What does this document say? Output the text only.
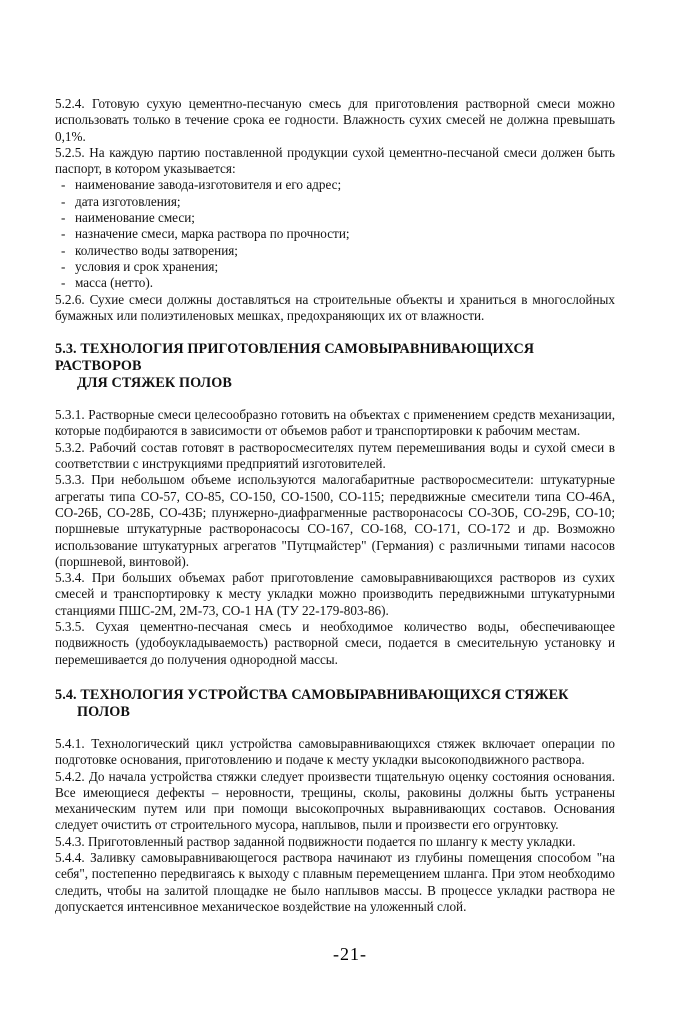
5.2.4. Готовую сухую цементно-песчаную смесь для приготовления растворной смеси можно использовать только в течение срока ее годности. Влажность сухих смесей не должна превышать 0,1%.

5.2.5. На каждую партию поставленной продукции сухой цементно-песчаной смеси должен быть паспорт, в котором указывается:

- наименование завода-изготовителя и его адрес;
- дата изготовления;
- наименование смеси;
- назначение смеси, марка раствора по прочности;
- количество воды затворения;
- условия и срок хранения;
- масса (нетто).

5.2.6. Сухие смеси должны доставляться на строительные объекты и храниться в многослойных бумажных или полиэтиленовых мешках, предохраняющих их от влажности.

5.3. ТЕХНОЛОГИЯ ПРИГОТОВЛЕНИЯ САМОВЫРАВНИВАЮЩИХСЯ РАСТВОРОВ
ДЛЯ СТЯЖЕК ПОЛОВ

5.3.1. Растворные смеси целесообразно готовить на объектах с применением средств механизации, которые подбираются в зависимости от объемов работ и транспортировки к рабочим местам.

5.3.2. Рабочий состав готовят в растворосмесителях путем перемешивания воды и сухой смеси в соответствии с инструкциями предприятий изготовителей.

5.3.3. При небольшом объеме используются малогабаритные растворосмесители: штукатурные агрегаты типа СО-57, СО-85, СО-150, СО-1500, СО-115; передвижные смесители типа СО-46А, СО-26Б, СО-28Б, СО-43Б; плунжерно-диафрагменные растворонасосы СО-3ОБ, СО-29Б, СО-10; поршневые штукатурные растворонасосы СО-167, СО-168, СО-171, СО-172 и др. Возможно использование штукатурных агрегатов "Путцмайстер" (Германия) с различными типами насосов (поршневой, винтовой).

5.3.4. При больших объемах работ приготовление самовыравнивающихся растворов из сухих смесей и транспортировку к месту укладки можно производить передвижными штукатурными станциями ПШС-2М, 2М-73, СО-1 НА (ТУ 22-179-803-86).

5.3.5. Сухая цементно-песчаная смесь и необходимое количество воды, обеспечивающее подвижность (удобоукладываемость) растворной смеси, подается в смесительную установку и перемешивается до получения однородной массы.

5.4. ТЕХНОЛОГИЯ УСТРОЙСТВА САМОВЫРАВНИВАЮЩИХСЯ СТЯЖЕК
ПОЛОВ

5.4.1. Технологический цикл устройства самовыравнивающихся стяжек включает операции по подготовке основания, приготовлению и подаче к месту укладки высокоподвижного раствора.

5.4.2. До начала устройства стяжки следует произвести тщательную оценку состояния основания. Все имеющиеся дефекты – неровности, трещины, сколы, раковины должны быть устранены механическим путем или при помощи высокопрочных выравнивающих составов. Основания следует очистить от строительного мусора, наплывов, пыли и произвести его огрунтовку.

5.4.3. Приготовленный раствор заданной подвижности подается по шлангу к месту укладки.

5.4.4. Заливку самовыравнивающегося раствора начинают из глубины помещения способом "на себя", постепенно передвигаясь к выходу с плавным перемещением шланга. При этом необходимо следить, чтобы на залитой площадке не было наплывов массы. В процессе укладки раствора не допускается интенсивное механическое воздействие на уложенный слой.

-21-
